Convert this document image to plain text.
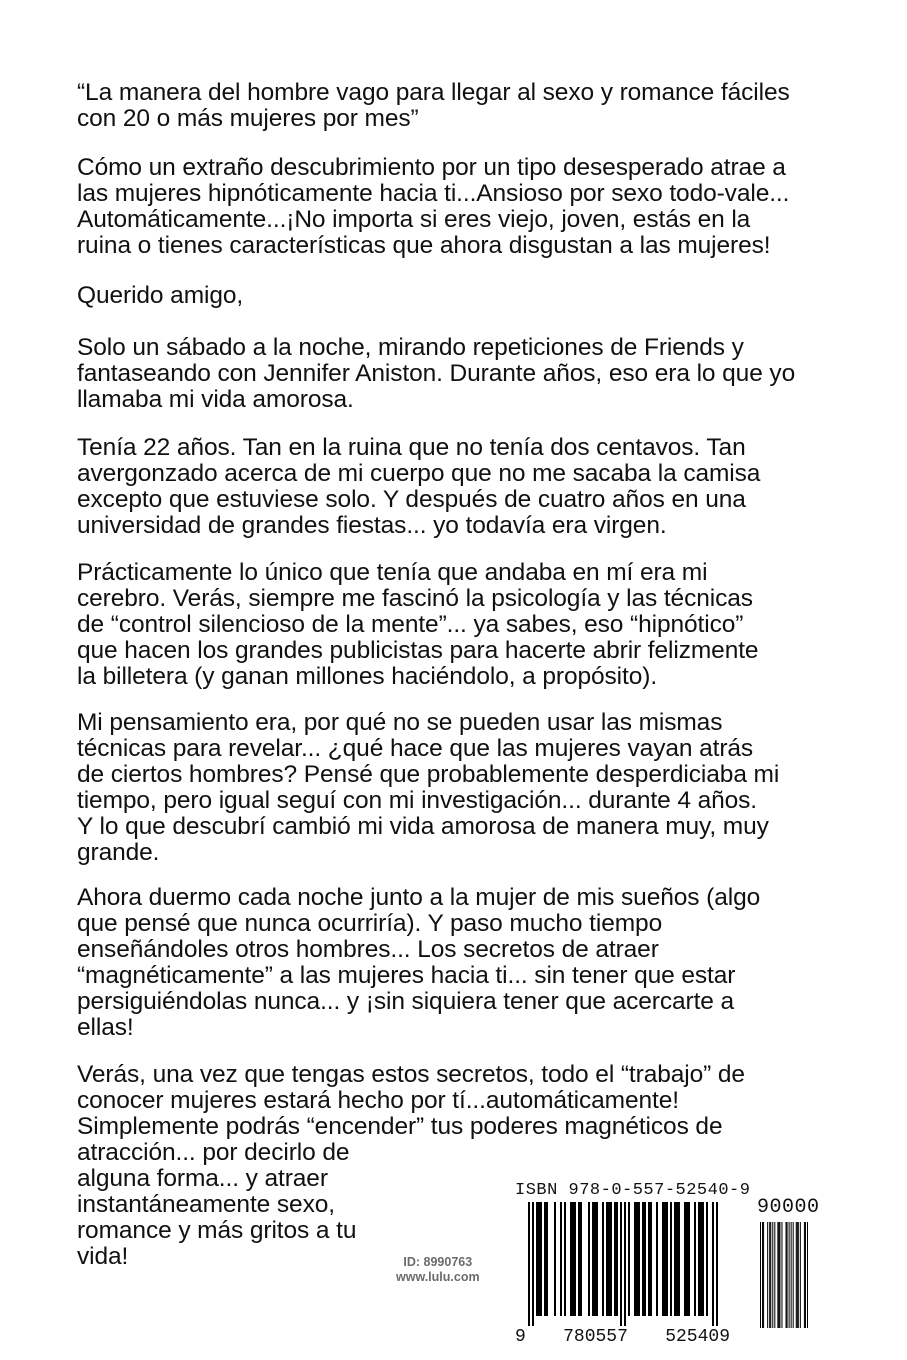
“La manera del hombre vago para llegar al sexo y romance fáciles
con 20 o más mujeres por mes”
Cómo un extraño descubrimiento por un tipo desesperado atrae a
las mujeres hipnóticamente hacia ti...Ansioso por sexo todo-vale...
Automáticamente...¡No importa si eres viejo, joven, estás en la
ruina o tienes características que ahora disgustan a las mujeres!
Querido amigo,
Solo un sábado a la noche, mirando repeticiones de Friends y
fantaseando con Jennifer Aniston. Durante años, eso era lo que yo
llamaba mi vida amorosa.
Tenía 22 años. Tan en la ruina que no tenía dos centavos. Tan
avergonzado acerca de mi cuerpo que no me sacaba la camisa
excepto que estuviese solo. Y después de cuatro años en una
universidad de grandes fiestas... yo todavía era virgen.
Prácticamente lo único que tenía que andaba en mí era mi
cerebro. Verás, siempre me fascinó la psicología y las técnicas
de “control silencioso de la mente”... ya sabes, eso “hipnótico”
que hacen los grandes publicistas para hacerte abrir felizmente
la billetera (y ganan millones haciéndolo, a propósito).
Mi pensamiento era, por qué no se pueden usar las mismas
técnicas para revelar... ¿qué hace que las mujeres vayan atrás
de ciertos hombres? Pensé que probablemente desperdiciaba mi
tiempo, pero igual seguí con mi investigación... durante 4 años.
Y lo que descubrí cambió mi vida amorosa de manera muy, muy
grande.
Ahora duermo cada noche junto a la mujer de mis sueños (algo
que pensé que nunca ocurriría). Y paso mucho tiempo
enseñándoles otros hombres... Los secretos de atraer
“magnéticamente” a las mujeres hacia ti... sin tener que estar
persiguiéndolas nunca... y ¡sin siquiera tener que acercarte a
ellas!
Verás, una vez que tengas estos secretos, todo el “trabajo” de
conocer mujeres estará hecho por tí...automáticamente!
Simplemente podrás “encender” tus poderes magnéticos de
atracción... por decirlo de
alguna forma... y atraer
instantáneamente sexo,
romance y más gritos a tu
vida!	ID: 8990763
www.lulu.com
ISBN 978-0-557-52540-9
90000
9 780557 525409
